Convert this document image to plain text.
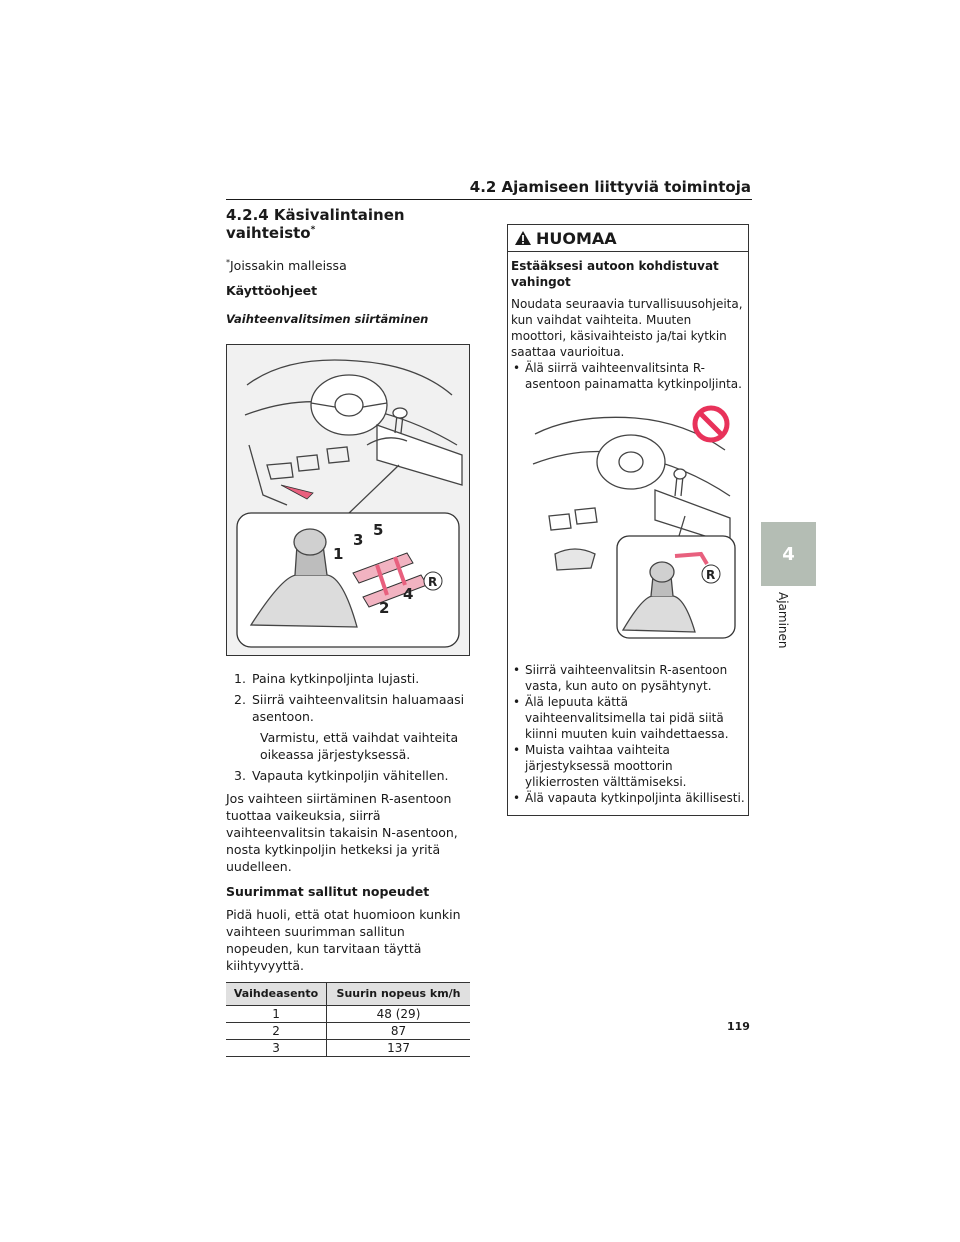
4.2 Ajamiseen liittyviä toimintoja
4
Ajaminen
4.2.4 Käsivalintainen vaihteisto*

*Joissakin malleissa

Käyttöohjeet

Vaihteenvalitsimen siirtäminen

1
2
3
4
5
R
1. Paina kytkinpoljinta lujasti.
2. Siirrä vaihteenvalitsin haluamaasi asentoon.
Varmistu, että vaihdat vaihteita oikeassa järjestyksessä.
3. Vapauta kytkinpoljin vähitellen.

Jos vaihteen siirtäminen R-asentoon tuottaa vaikeuksia, siirrä vaihteenvalitsin takaisin N-asentoon, nosta kytkinpoljin hetkeksi ja yritä uudelleen.

Suurimmat sallitut nopeudet

Pidä huoli, että otat huomioon kunkin vaihteen suurimman sallitun nopeuden, kun tarvitaan täyttä kiihtyvyyttä.

Vaihdeasento	Suurin nopeus km/h
1	48 (29)
2	87
3	137
HUOMAA

Estääksesi autoon kohdistuvat vahingot

Noudata seuraavia turvallisuusohjeita, kun vaihdat vaihteita. Muuten moottori, käsivaihteisto ja/tai kytkin saattaa vaurioitua.

• Älä siirrä vaihteenvalitsinta R-asentoon painamatta kytkinpoljinta.
R
• Siirrä vaihteenvalitsin R-asentoon vasta, kun auto on pysähtynyt.
• Älä lepuuta kättä vaihteenvalitsimella tai pidä siitä kiinni muuten kuin vaihdettaessa.
• Muista vaihtaa vaihteita järjestyksessä moottorin ylikierrosten välttämiseksi.
• Älä vapauta kytkinpoljinta äkillisesti.
119
